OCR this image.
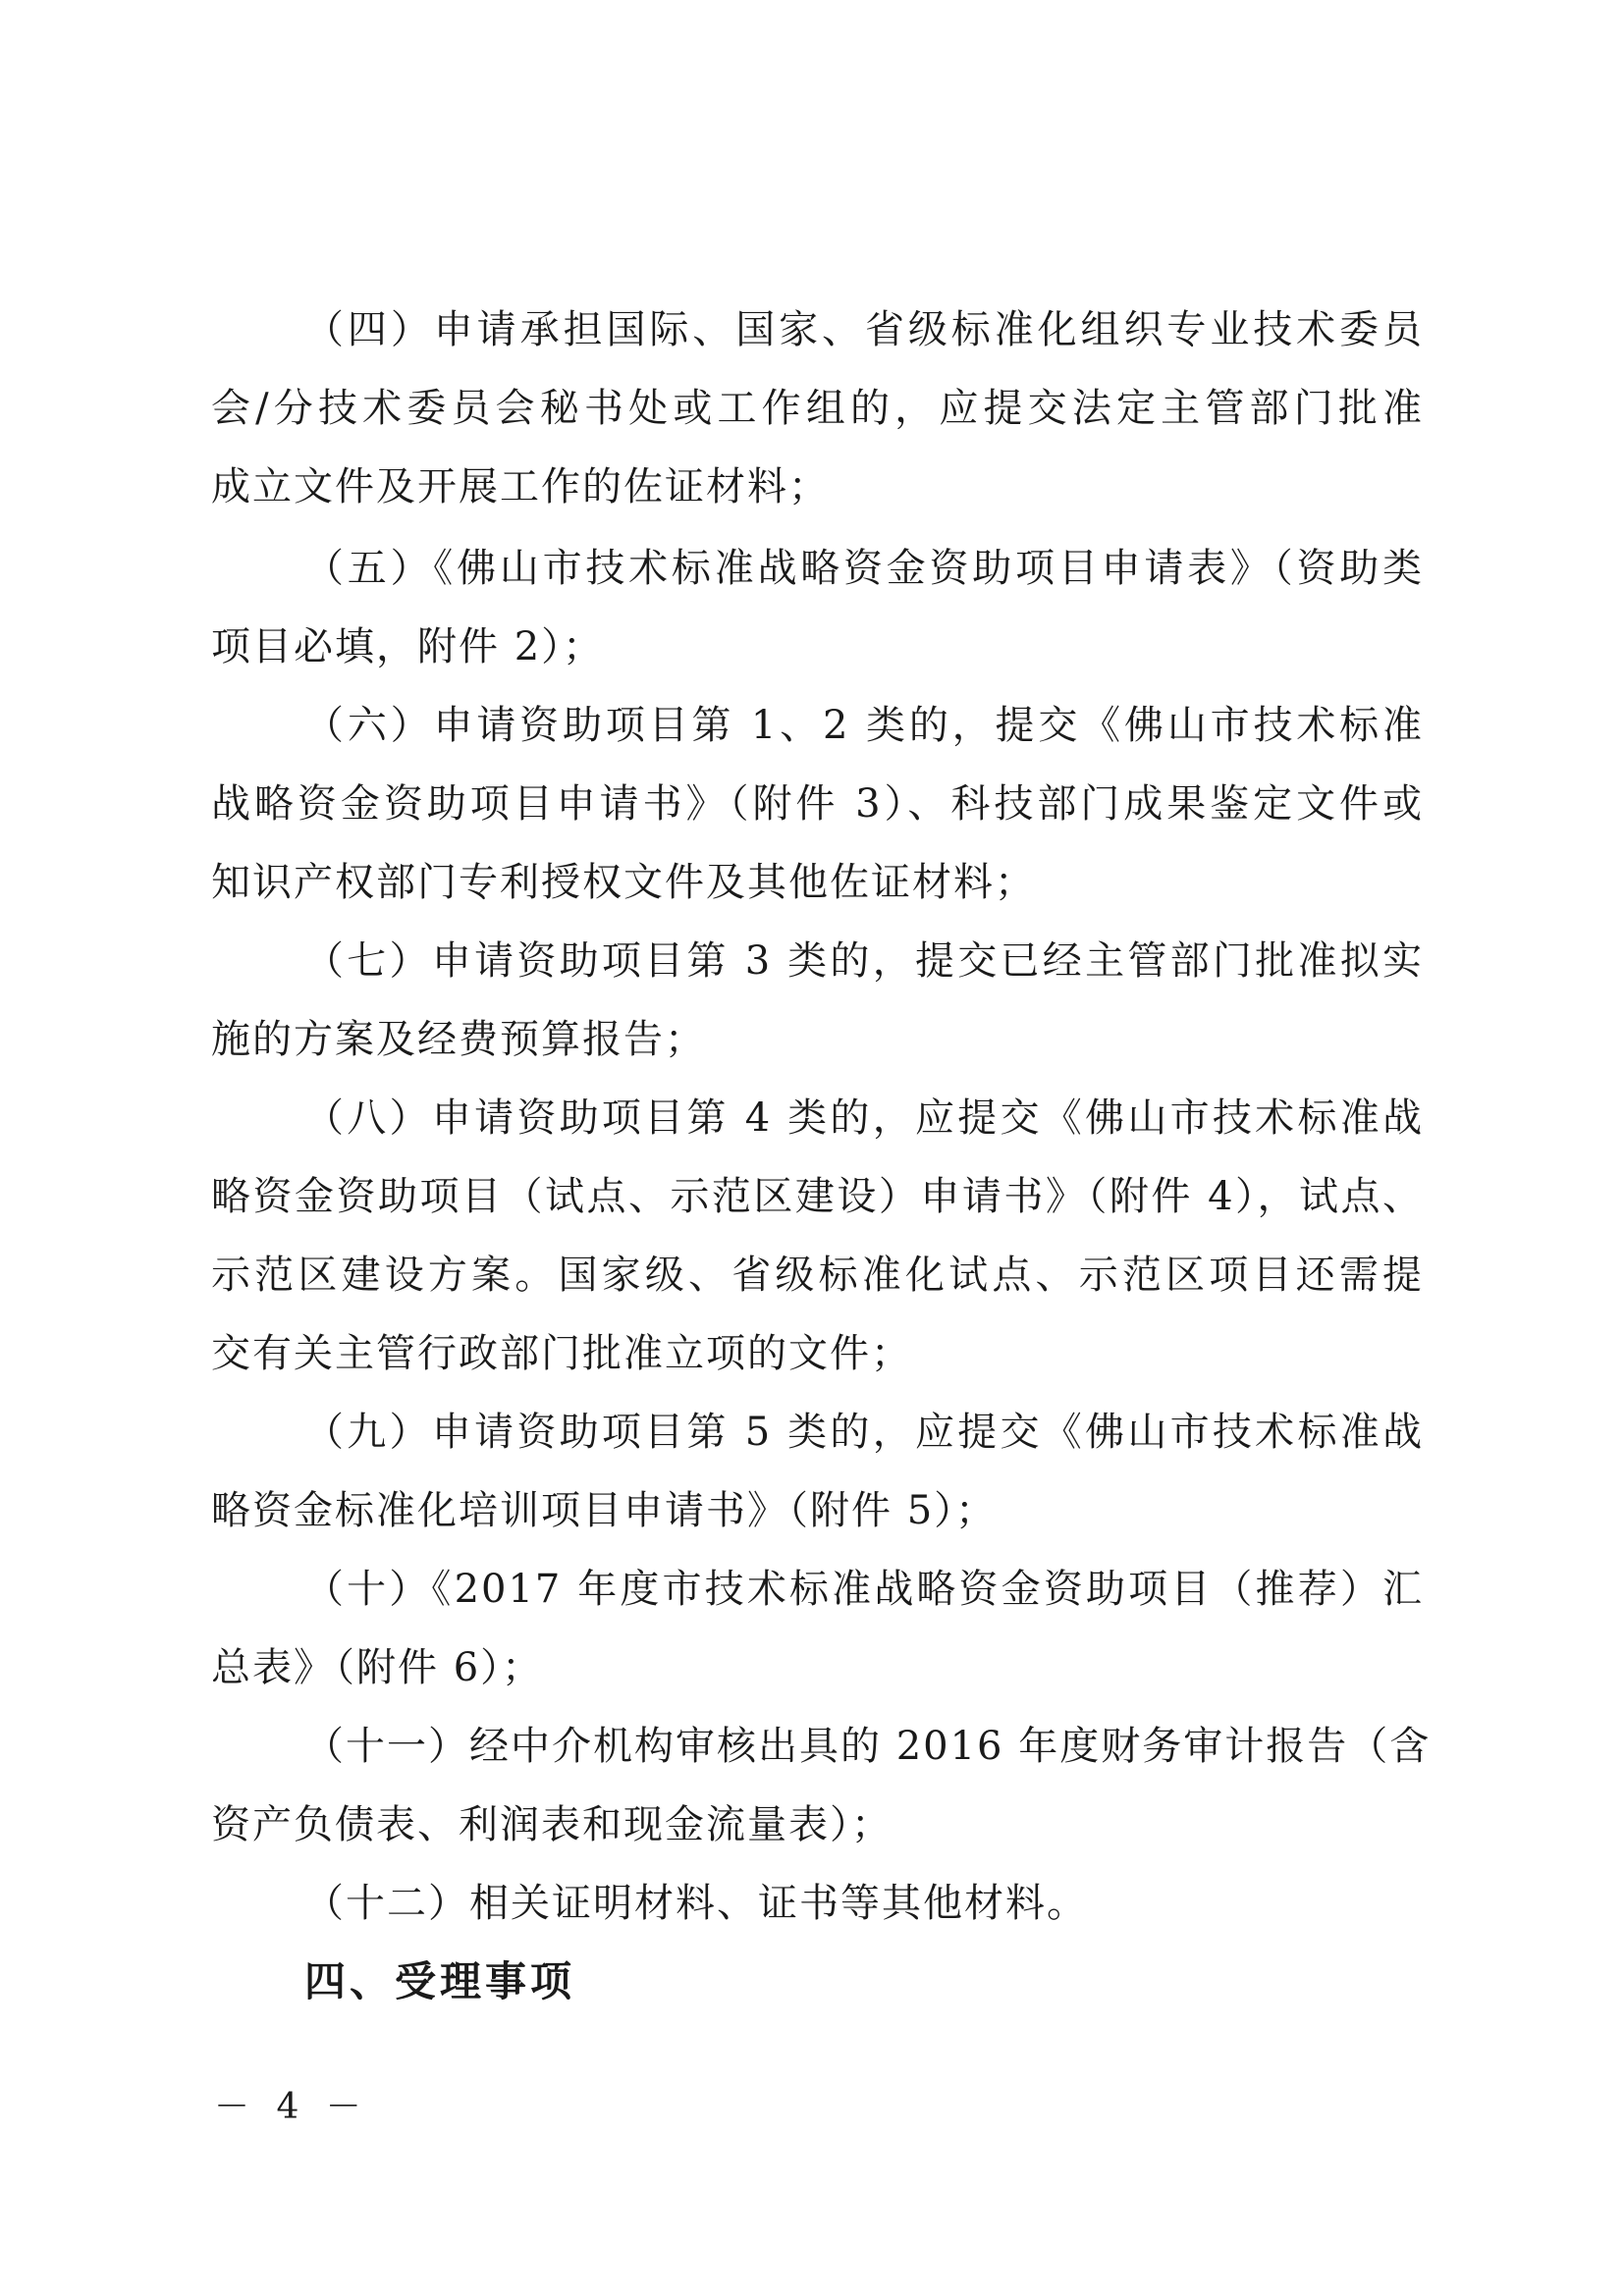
（四）申请承担国际、国家、省级标准化组织专业技术委员
会/分技术委员会秘书处或工作组的，应提交法定主管部门批准
成立文件及开展工作的佐证材料；
（五）《佛山市技术标准战略资金资助项目申请表》（资助类
项目必填，附件 2）；
（六）申请资助项目第 1、2 类的，提交《佛山市技术标准
战略资金资助项目申请书》（附件 3）、科技部门成果鉴定文件或
知识产权部门专利授权文件及其他佐证材料；
（七）申请资助项目第 3 类的，提交已经主管部门批准拟实
施的方案及经费预算报告；
（八）申请资助项目第 4 类的，应提交《佛山市技术标准战
略资金资助项目（试点、示范区建设）申请书》（附件 4），试点、
示范区建设方案。国家级、省级标准化试点、示范区项目还需提
交有关主管行政部门批准立项的文件；
（九）申请资助项目第 5 类的，应提交《佛山市技术标准战
略资金标准化培训项目申请书》（附件 5）；
（十）《2017 年度市技术标准战略资金资助项目（推荐）汇
总表》（附件 6）；
（十一）经中介机构审核出具的 2016 年度财务审计报告（含
资产负债表、利润表和现金流量表）；
（十二）相关证明材料、证书等其他材料。
四、受理事项
－ 4 －
